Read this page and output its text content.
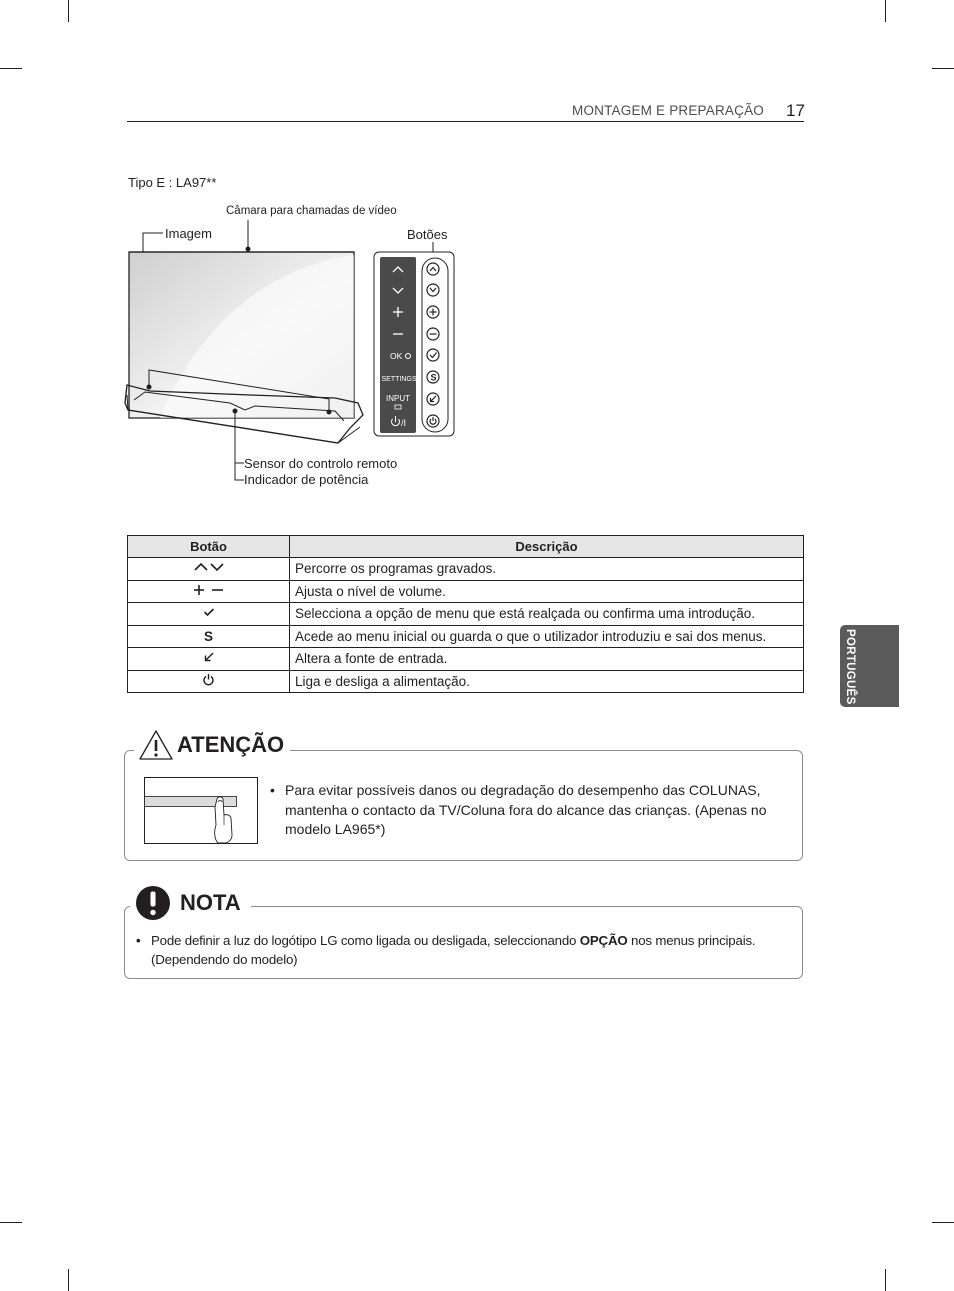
MONTAGEM E PREPARAÇÃO 17
PORTUGUÊS
Tipo E : LA97**
Câmara para chamadas de vídeo
Imagem	Botões
Sensor do controlo remoto
Indicador de potência
OK
SETTINGS
INPUT
/I
S
Botão	Descrição

	Percorre os programas gravados.

	Ajusta o nível de volume.

	Selecciona a opção de menu que está realçada ou confirma uma introdução.
S	Acede ao menu inicial ou guarda o que o utilizador introduziu e sai dos menus.

	Altera a fonte de entrada.

	Liga e desliga a alimentação.
ATENÇÃO
• Para evitar possíveis danos ou degradação do desempenho das COLUNAS, mantenha o contacto da TV/Coluna fora do alcance das crianças. (Apenas no modelo LA965*)
NOTA
• Pode definir a luz do logótipo LG como ligada ou desligada, seleccionando OPÇÃO nos menus principais.
(Dependendo do modelo)
